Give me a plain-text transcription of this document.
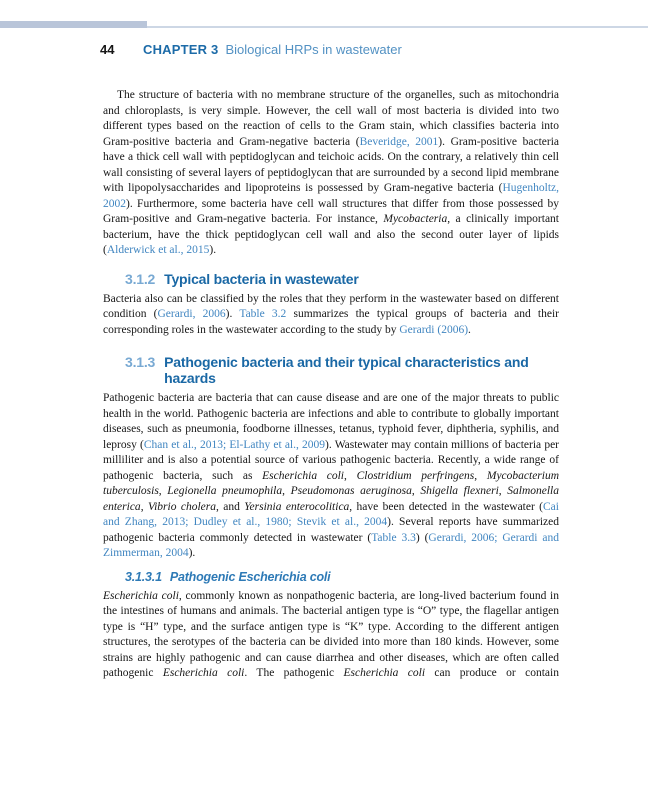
44	CHAPTER 3 Biological HRPs in wastewater

The structure of bacteria with no membrane structure of the organelles, such as mitochondria and chloroplasts, is very simple. However, the cell wall of most bacteria is divided into two different types based on the reaction of cells to the Gram stain, which classifies bacteria into Gram-positive bacteria and Gram-negative bacteria (Beveridge, 2001). Gram-positive bacteria have a thick cell wall with peptidoglycan and teichoic acids. On the contrary, a relatively thin cell wall consisting of several layers of peptidoglycan that are surrounded by a second lipid membrane with lipopolysaccharides and lipoproteins is possessed by Gram-negative bacteria (Hugenholtz, 2002). Furthermore, some bacteria have cell wall structures that differ from those possessed by Gram-positive and Gram-negative bacteria. For instance, Mycobacteria, a clinically important bacterium, have the thick peptidoglycan cell wall and also the second outer layer of lipids (Alderwick et al., 2015).

3.1.2 Typical bacteria in wastewater

Bacteria also can be classified by the roles that they perform in the wastewater based on different condition (Gerardi, 2006). Table 3.2 summarizes the typical groups of bacteria and their corresponding roles in the wastewater according to the study by Gerardi (2006).

3.1.3 Pathogenic bacteria and their typical characteristics and hazards

Pathogenic bacteria are bacteria that can cause disease and are one of the major threats to public health in the world. Pathogenic bacteria are infections and able to contribute to globally important diseases, such as pneumonia, foodborne illnesses, tetanus, typhoid fever, diphtheria, syphilis, and leprosy (Chan et al., 2013; El-Lathy et al., 2009). Wastewater may contain millions of bacteria per milliliter and is also a potential source of various pathogenic bacteria. Recently, a wide range of pathogenic bacteria, such as Escherichia coli, Clostridium perfringens, Mycobacterium tuberculosis, Legionella pneumophila, Pseudomonas aeruginosa, Shigella flexneri, Salmonella enterica, Vibrio cholera, and Yersinia enterocolitica, have been detected in the wastewater (Cai and Zhang, 2013; Dudley et al., 1980; Stevik et al., 2004). Several reports have summarized pathogenic bacteria commonly detected in wastewater (Table 3.3) (Gerardi, 2006; Gerardi and Zimmerman, 2004).

3.1.3.1 Pathogenic Escherichia coli

Escherichia coli, commonly known as nonpathogenic bacteria, are long-lived bacterium found in the intestines of humans and animals. The bacterial antigen type is “O” type, the flagellar antigen type is “H” type, and the surface antigen type is “K” type. According to the different antigen structures, the serotypes of the bacteria can be divided into more than 180 kinds. However, some strains are highly pathogenic and can cause diarrhea and other diseases, which are often called pathogenic Escherichia coli. The pathogenic Escherichia coli can produce or contain
